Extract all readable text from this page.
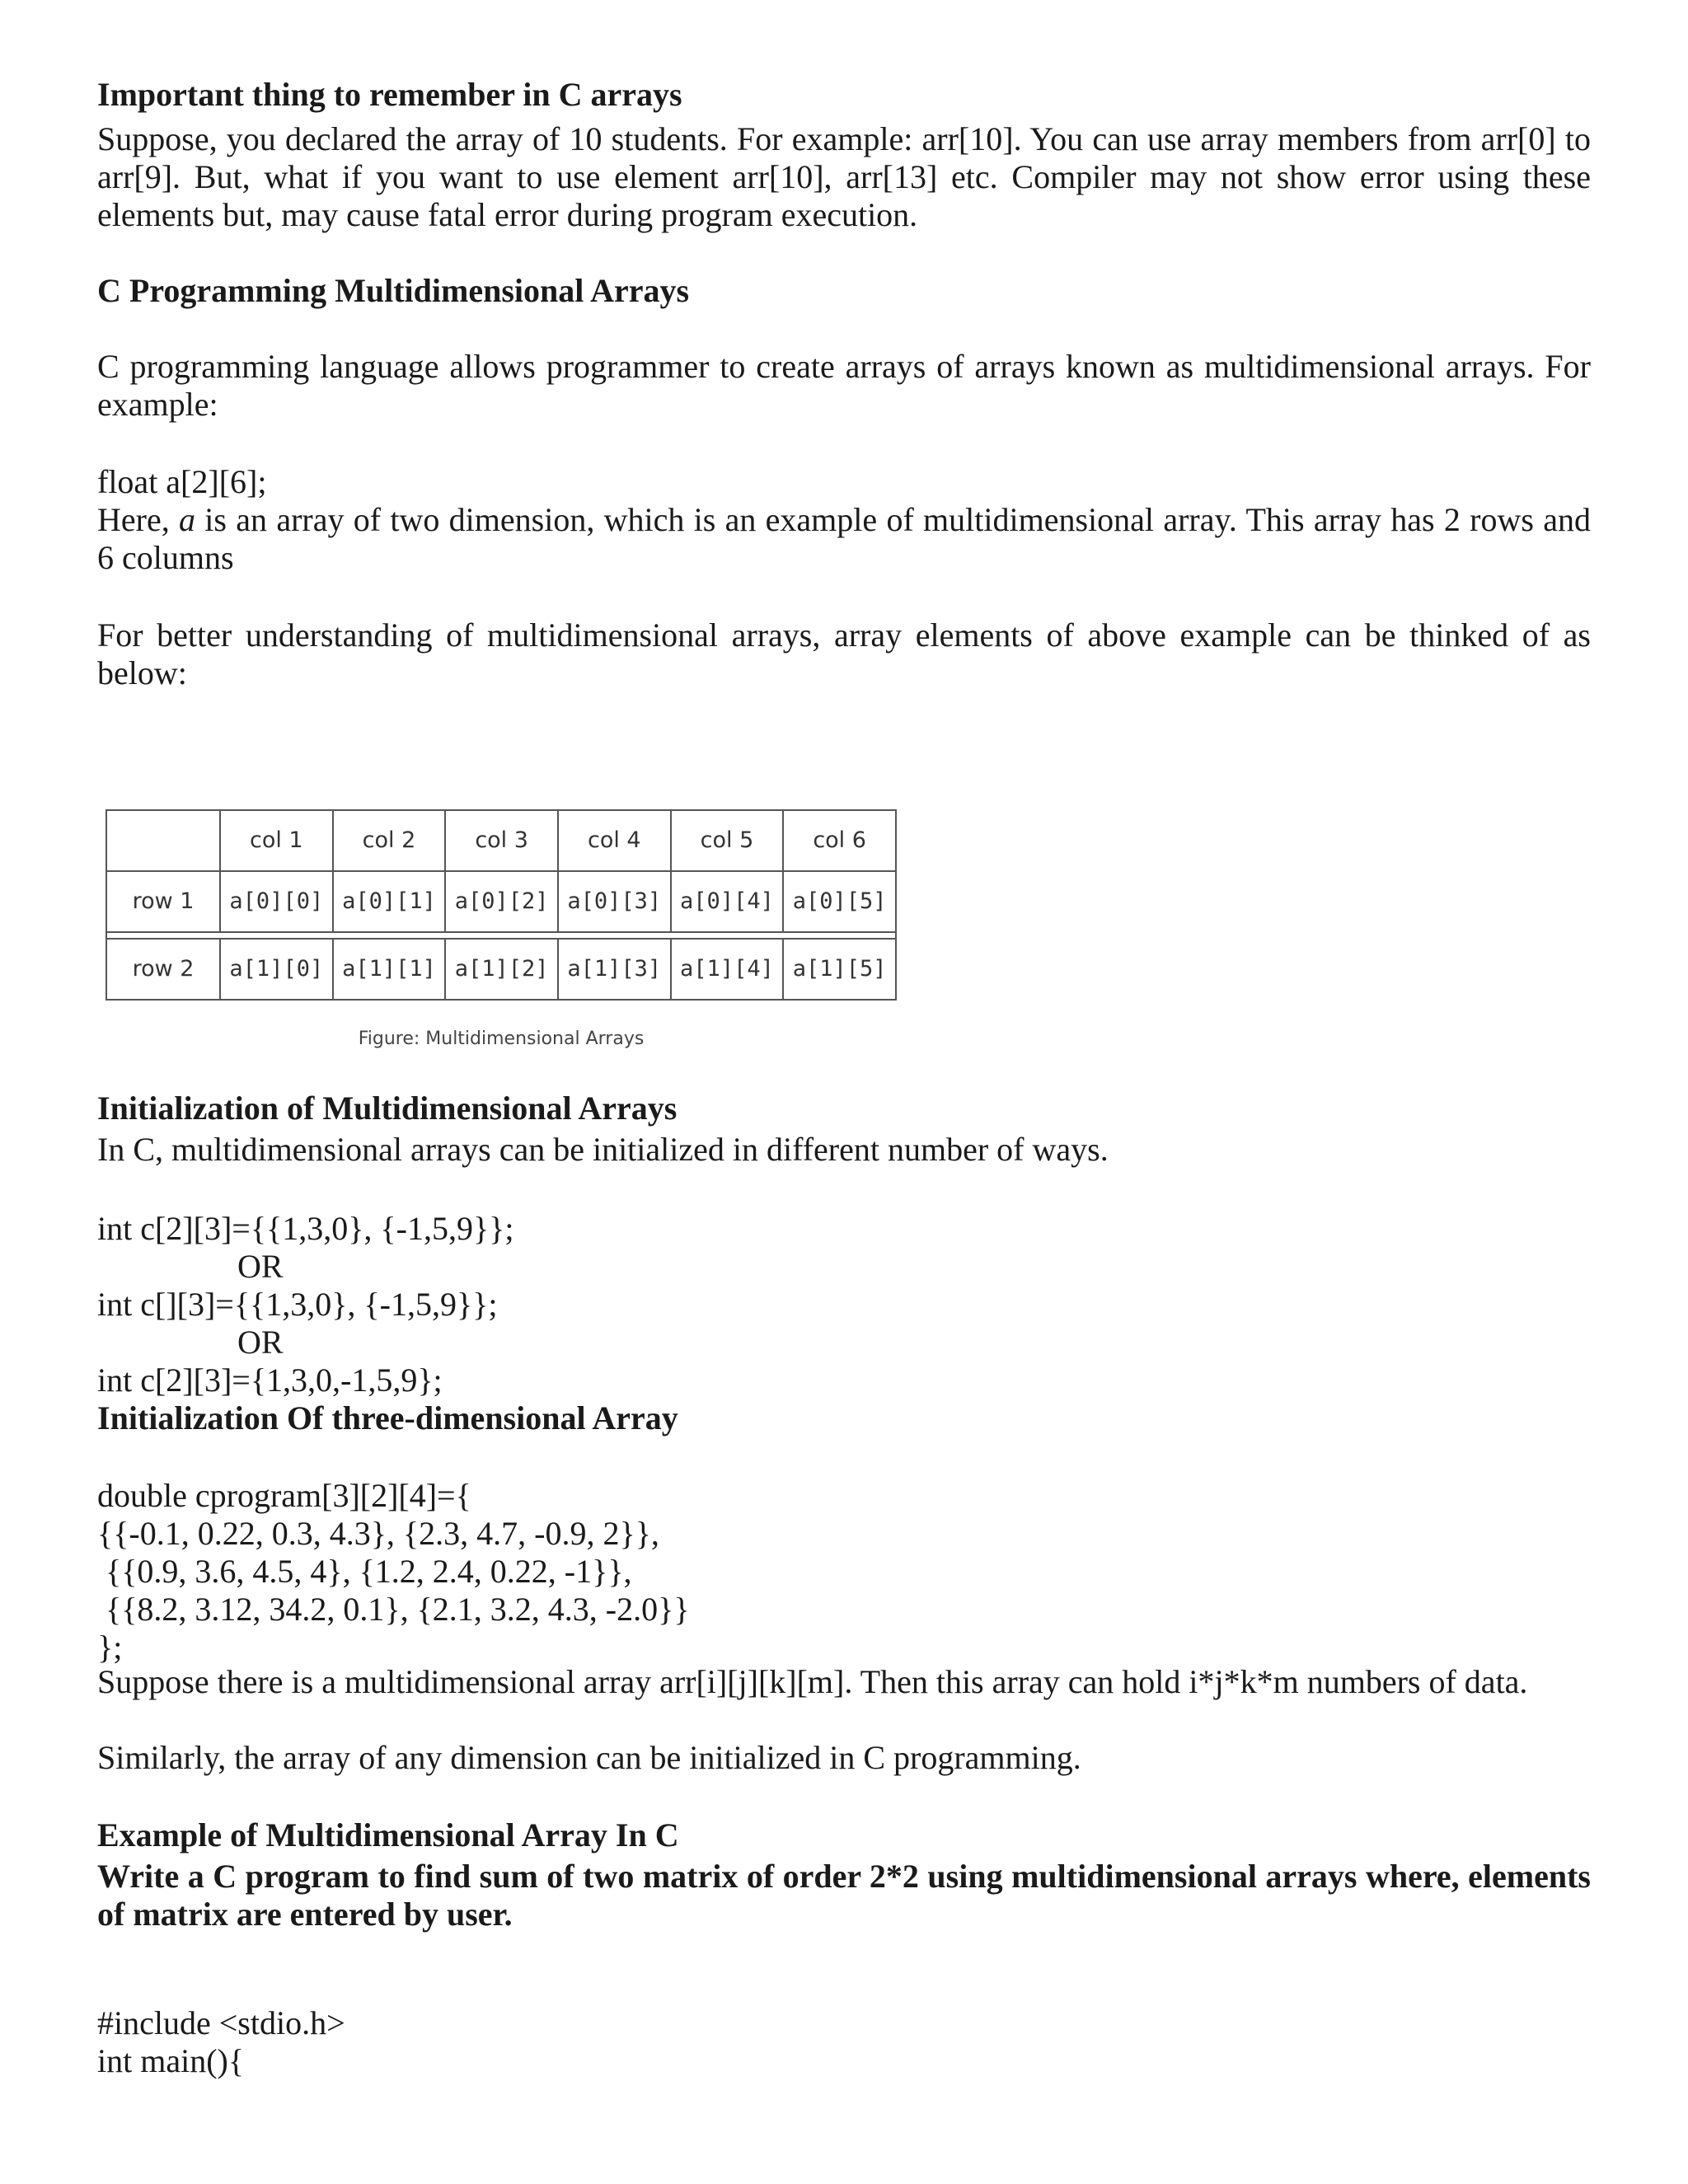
Important thing to remember in C arrays

Suppose, you declared the array of 10 students. For example: arr[10]. You can use array members from arr[0] to arr[9]. But, what if you want to use element arr[10], arr[13] etc. Compiler may not show error using these elements but, may cause fatal error during program execution.

C Programming Multidimensional Arrays

C programming language allows programmer to create arrays of arrays known as multidimensional arrays. For example:

float a[2][6];

Here, a is an array of two dimension, which is an example of multidimensional array. This array has 2 rows and 6 columns

For better understanding of multidimensional arrays, array elements of above example can be thinked of as below:

	col 1	col 2	col 3	col 4	col 5	col 6
row 1	a[0][0]	a[0][1]	a[0][2]	a[0][3]	a[0][4]	a[0][5]

row 2	a[1][0]	a[1][1]	a[1][2]	a[1][3]	a[1][4]	a[1][5]
Figure: Multidimensional Arrays
Initialization of Multidimensional Arrays
In C, multidimensional arrays can be initialized in different number of ways.
int c[2][3]={{1,3,0}, {-1,5,9}};
OR
int c[][3]={{1,3,0}, {-1,5,9}};
OR
int c[2][3]={1,3,0,-1,5,9};
Initialization Of three-dimensional Array
double cprogram[3][2][4]={
{{-0.1, 0.22, 0.3, 4.3}, {2.3, 4.7, -0.9, 2}},
{{0.9, 3.6, 4.5, 4}, {1.2, 2.4, 0.22, -1}},
{{8.2, 3.12, 34.2, 0.1}, {2.1, 3.2, 4.3, -2.0}}
};
Suppose there is a multidimensional array arr[i][j][k][m]. Then this array can hold i*j*k*m numbers of data.
Similarly, the array of any dimension can be initialized in C programming.
Example of Multidimensional Array In C

Write a C program to find sum of two matrix of order 2*2 using multidimensional arrays where, elements of matrix are entered by user.

#include <stdio.h>
int main(){
